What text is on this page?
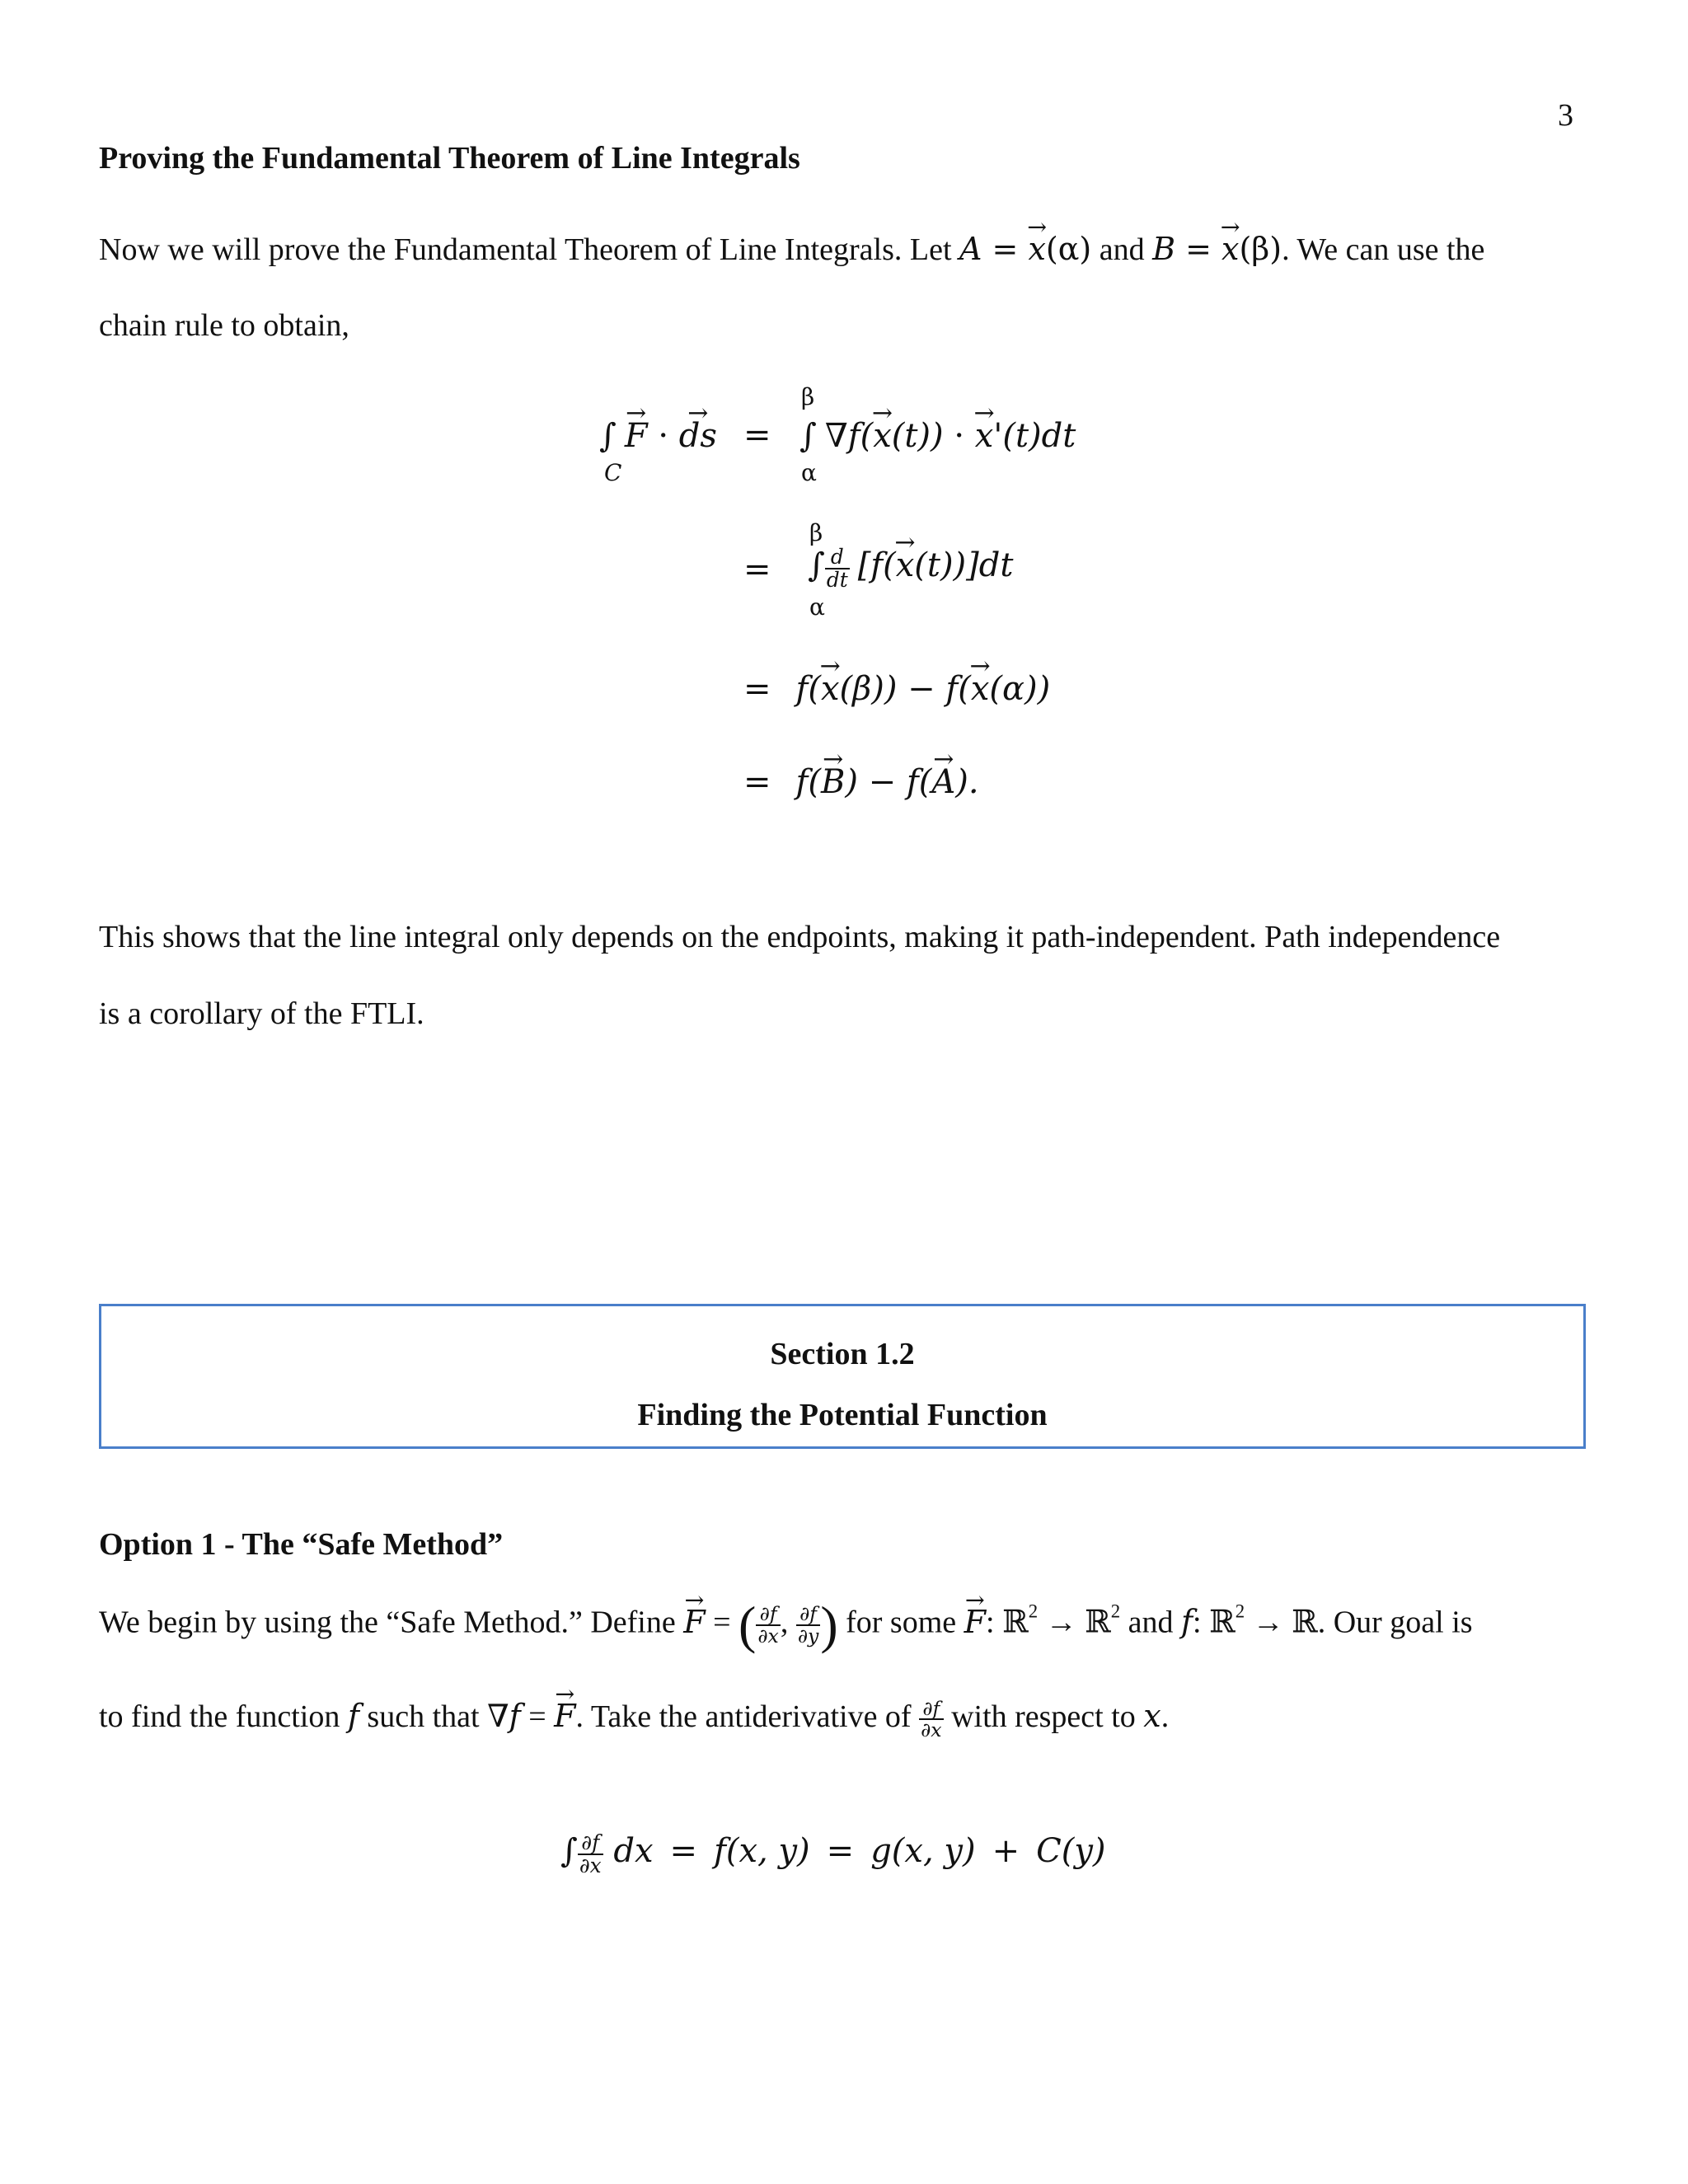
3
Proving the Fundamental Theorem of Line Integrals
Now we will prove the Fundamental Theorem of Line Integrals. Let A = → x(α) and B = → x(β). We can use the
chain rule to obtain,
∫ → F · → ds
C
=
β
α
∫ ∇f(→ x(t)) · → x'(t)dt
=
β
α
∫ $\frac{d}{dt} [f(\to x(t))]dt$
= f(→ x(β)) − f(→ x(α))
= f(→ B) − f(→ A).
This shows that the line integral only depends on the endpoints, making it path-independent. Path independence
is a corollary of the FTLI.
Section 1.2
Finding the Potential Function
Option 1 - The “Safe Method”
We begin by using the “Safe Method.” Define → F = ( $\frac{\partial f}{\partial x}$ , $\frac{\partial f}{\partial y}$ ) for some → F: ℝ$^2$ → ℝ$^2$ and f: ℝ$^2$ → ℝ. Our goal is
to find the function f such that ∇f = → F. Take the antiderivative of $\frac{\partial f}{\partial x}$ with respect to x.
∫ $\frac{\partial f}{\partial x}$ dx = f(x, y) = g(x, y) + C(y)
